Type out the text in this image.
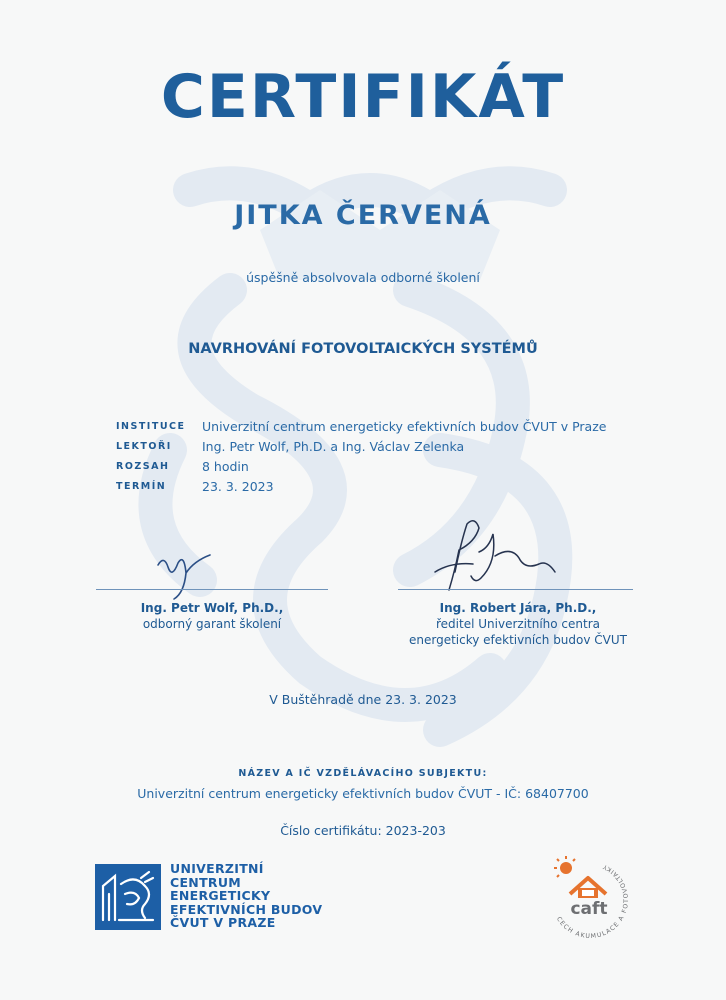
CERTIFIKÁT
JITKA ČERVENÁ
úspěšně absolvovala odborné školení
NAVRHOVÁNÍ FOTOVOLTAICKÝCH SYSTÉMŮ
INSTITUCE	Univerzitní centrum energeticky efektivních budov ČVUT v Praze
LEKTOŘI	Ing. Petr Wolf, Ph.D. a Ing. Václav Zelenka
ROZSAH	8 hodin
TERMÍN	23. 3. 2023
Ing. Petr Wolf, Ph.D.,
odborný garant školení
Ing. Robert Jára, Ph.D.,
ředitel Univerzitního centra
energeticky efektivních budov ČVUT
V Buštěhradě dne 23. 3. 2023
NÁZEV A IČ VZDĚLÁVACÍHO SUBJEKTU:
Univerzitní centrum energeticky efektivních budov ČVUT - IČ: 68407700
Číslo certifikátu: 2023-203
UNIVERZITNÍ
CENTRUM
ENERGETICKY
EFEKTIVNÍCH BUDOV
ČVUT V PRAZE
caft
CECH AKUMULACE A FOTOVOLTAIKY
